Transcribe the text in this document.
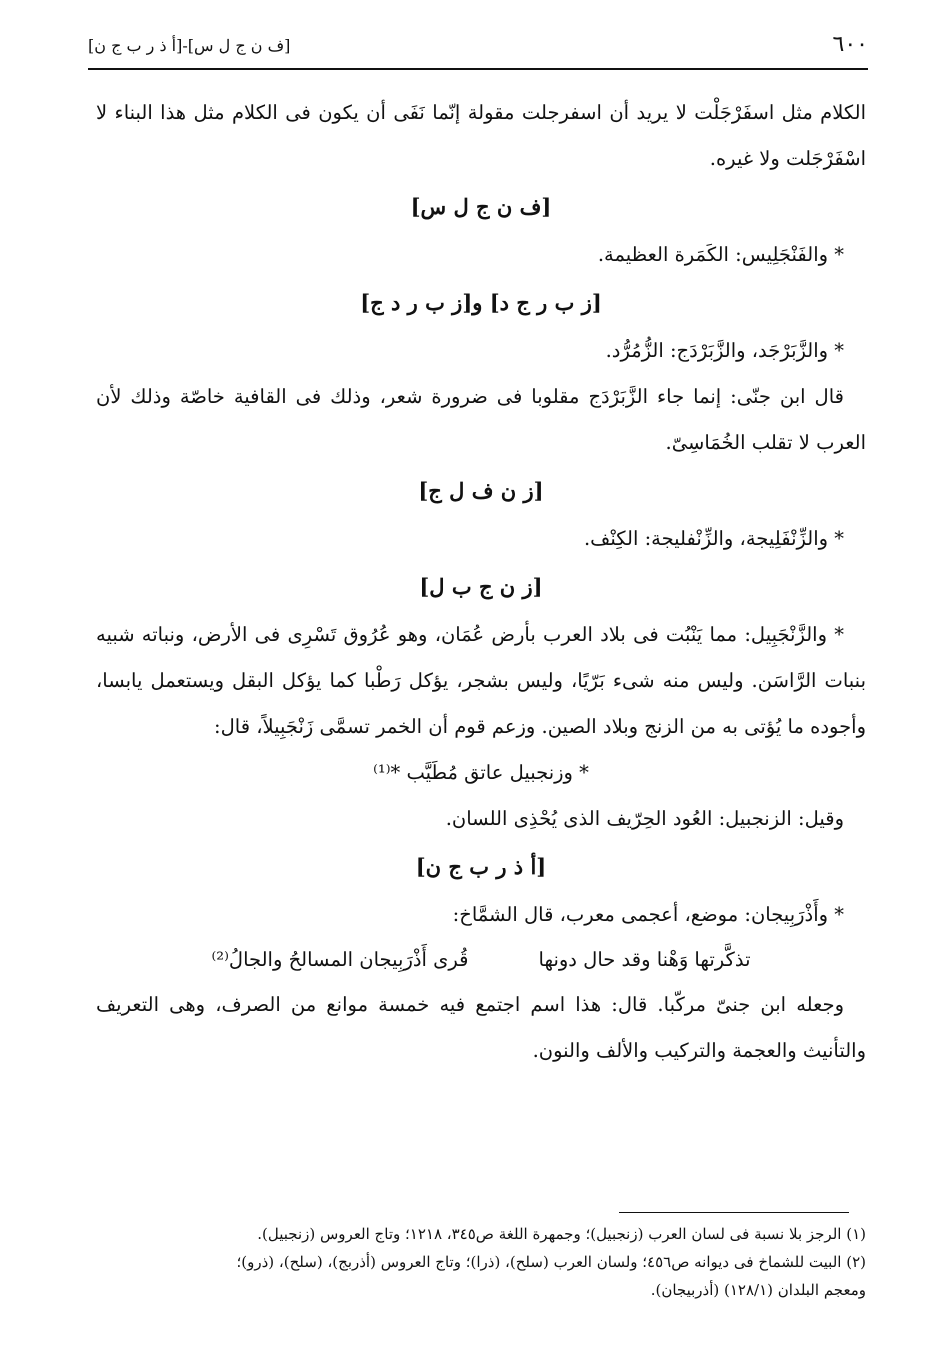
٦٠٠
[ف ن ج ل س]-[أ ذ ر ب ج ن]

الكلام مثل اسفَرْجَلْت لا يريد أن اسفرجلت مقولة إنّما نَفَى أن يكون فى الكلام مثل هذا البناء لا اسْفَرْجَلت ولا غيره.

[ف ن ج ل س]

* والفَنْجَلِيس: الكَمَرة العظيمة.

[ز ب ر ج د] و[ز ب ر د ج]

* والزَّبَرْجَد، والزَّبَرْدَج: الزُّمُرُّد.

قال ابن جنّى: إنما جاء الزَّبَرْدَج مقلوبا فى ضرورة شعر، وذلك فى القافية خاصّة وذلك لأن العرب لا تقلب الخُمَاسِىّ.

[ز ن ف ل ج]

* والزِّنْفَلِيجة، والزِّنْفليجة: الكِنْف.

[ز ن ج ب ل]

* والزَّنْجَبِيل: مما يَنْبُت فى بلاد العرب بأرض عُمَان، وهو عُرُوق تَسْرِى فى الأرض، ونباته شبيه بنبات الرَّاسَن. وليس منه شىء بَرّيًا، وليس بشجر، يؤكل رَطْبا كما يؤكل البقل ويستعمل يابسا، وأجوده ما يُؤتى به من الزنج وبلاد الصين. وزعم قوم أن الخمر تسمَّى زَنْجَبِيلاً، قال:

* وزنجبيل عاتق مُطَيَّب *⁽¹⁾

وقيل: الزنجبيل: العُود الحِرّيف الذى يُحْذِى اللسان.

[أ ذ ر ب ج ن]

* وأَذْرَبِيجان: موضع، أعجمى معرب، قال الشمَّاخ:

تذكَّرتها وَهْنا وقد حال دونها
قُرى أَذْرَبِيجان المسالحُ والجالُ⁽²⁾

وجعله ابن جنىّ مركّبا. قال: هذا اسم اجتمع فيه خمسة موانع من الصرف، وهى التعريف والتأنيث والعجمة والتركيب والألف والنون.

(١) الرجز بلا نسبة فى لسان العرب (زنجبيل)؛ وجمهرة اللغة ص٣٤٥، ١٢١٨؛ وتاج العروس (زنجبيل).

(٢) البيت للشماخ فى ديوانه ص٤٥٦؛ ولسان العرب (سلح)، (ذرا)؛ وتاج العروس (أذربج)، (سلح)، (ذرو)؛

ومعجم البلدان (١٢٨/١) (أذربيجان).
